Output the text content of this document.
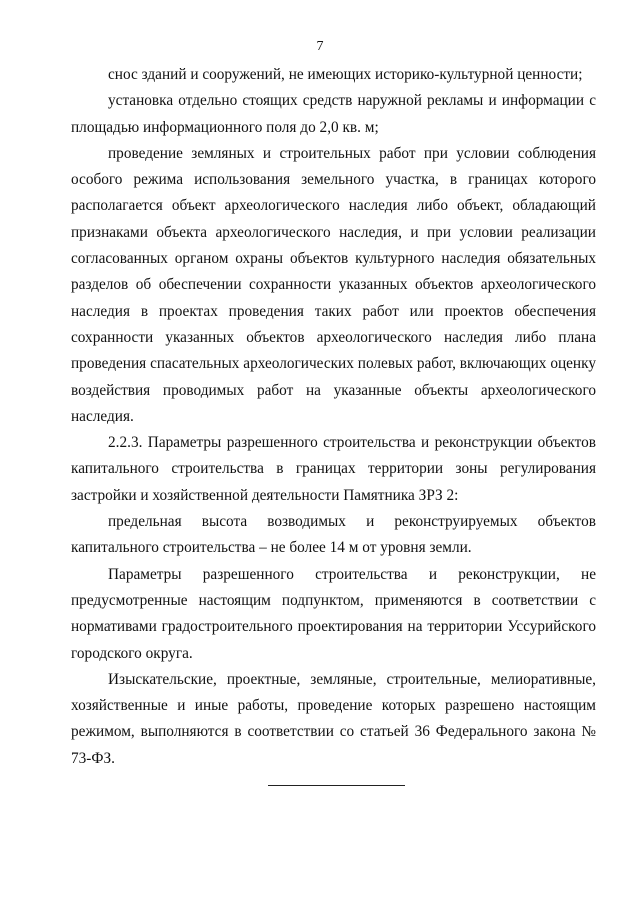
7

снос зданий и сооружений, не имеющих историко-культурной ценности;

установка отдельно стоящих средств наружной рекламы и информации с площадью информационного поля до 2,0 кв. м;

проведение земляных и строительных работ при условии соблюдения особого режима использования земельного участка, в границах которого располагается объект археологического наследия либо объект, обладающий признаками объекта археологического наследия, и при условии реализации согласованных органом охраны объектов культурного наследия обязательных разделов об обеспечении сохранности указанных объектов археологического наследия в проектах проведения таких работ или проектов обеспечения сохранности указанных объектов археологического наследия либо плана проведения спасательных археологических полевых работ, включающих оценку воздействия проводимых работ на указанные объекты археологического наследия.

2.2.3. Параметры разрешенного строительства и реконструкции объектов капитального строительства в границах территории зоны регулирования застройки и хозяйственной деятельности Памятника ЗРЗ 2:

предельная высота возводимых и реконструируемых объектов капитального строительства – не более 14 м от уровня земли.

Параметры разрешенного строительства и реконструкции, не предусмотренные настоящим подпунктом, применяются в соответствии с нормативами градостроительного проектирования на территории Уссурийского городского округа.

Изыскательские, проектные, земляные, строительные, мелиоративные, хозяйственные и иные работы, проведение которых разрешено настоящим режимом, выполняются в соответствии со статьей 36 Федерального закона № 73-ФЗ.
